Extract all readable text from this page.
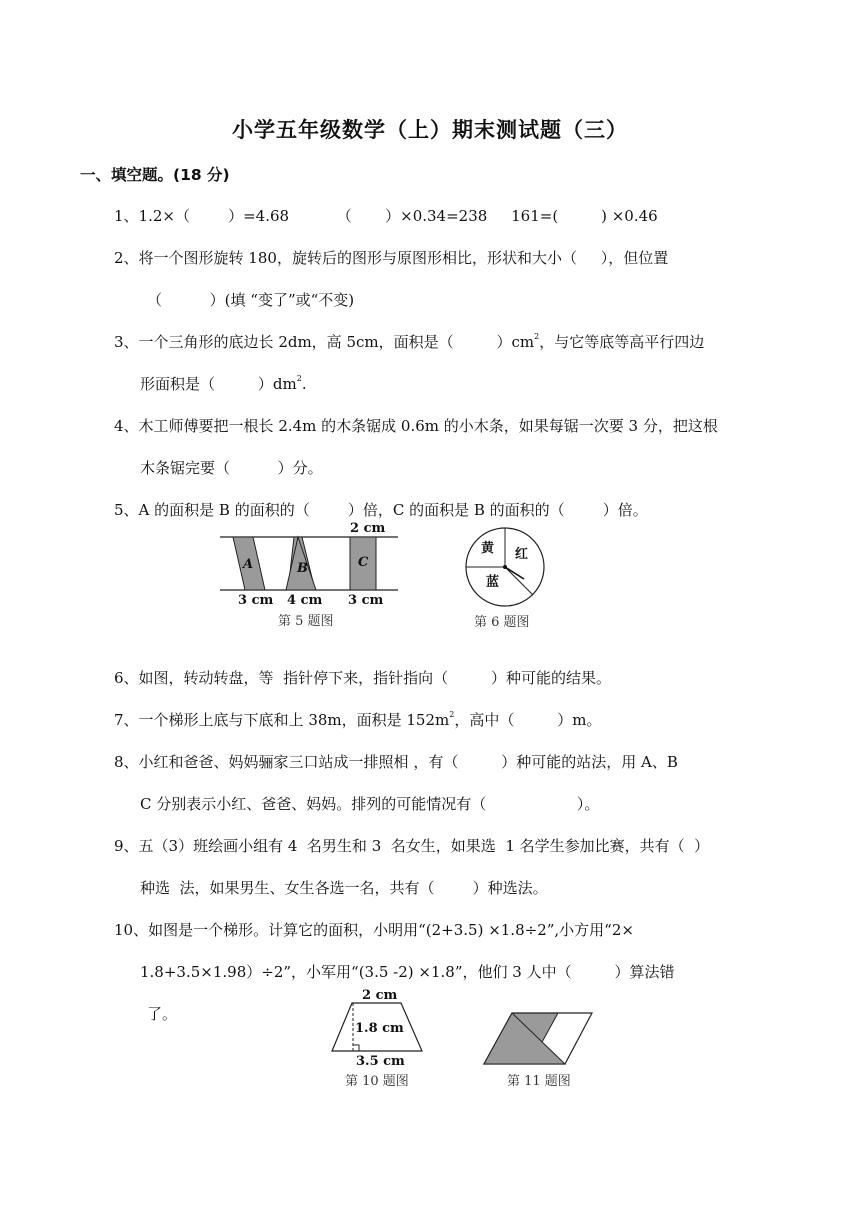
小学五年级数学（上）期末测试题（三）
一、填空题。(18 分)
1、1.2×（        ）=4.68          （       ）×0.34=238     161=(         ) ×0.46
2、将一个图形旋转 180，旋转后的图形与原图形相比，形状和大小（     ），但位置
（          ）(填 “变了”或“不变)
3、一个三角形的底边长 2dm，高 5cm，面积是（         ）$cm^2$，与它等底等高平行四边
形面积是（         ）$dm^2$.
4、木工师傅要把一根长 2.4m 的木条锯成 0.6m 的小木条，如果每锯一次要 3 分，把这根
木条锯完要（          ）分。
5、A 的面积是 B 的面积的（        ）倍，C 的面积是 B 的面积的（        ）倍。
2 cm
A	B	C
3 cm 4 cm 3 cm
第 5 题图
黄 红
蓝
第 6 题图
6、如图，转动转盘，等  指针停下来，指针指向（         ）种可能的结果。
7、一个梯形上底与下底和上 38m，面积是 $152m^2$，高中（         ）m。
8、小红和爸爸、妈妈骊家三口站成一排照相 ，有（         ）种可能的站法，用 A、B
C 分别表示小红、爸爸、妈妈。排列的可能情况有（                   ）。
9、五（3）班绘画小组有 4  名男生和 3  名女生，如果选  1 名学生参加比赛，共有（  ）
种选  法，如果男生、女生各选一名，共有（        ）种选法。
10、如图是一个梯形。计算它的面积，小明用“(2+3.5) ×1.8÷2”,小方用“2×
1.8+3.5×1.98）÷2”，小军用“(3.5 -2) ×1.8”，他们 3 人中（         ）算法错
了。
2 cm
1.8 cm
3.5 cm
第 10 题图	第 11 题图
